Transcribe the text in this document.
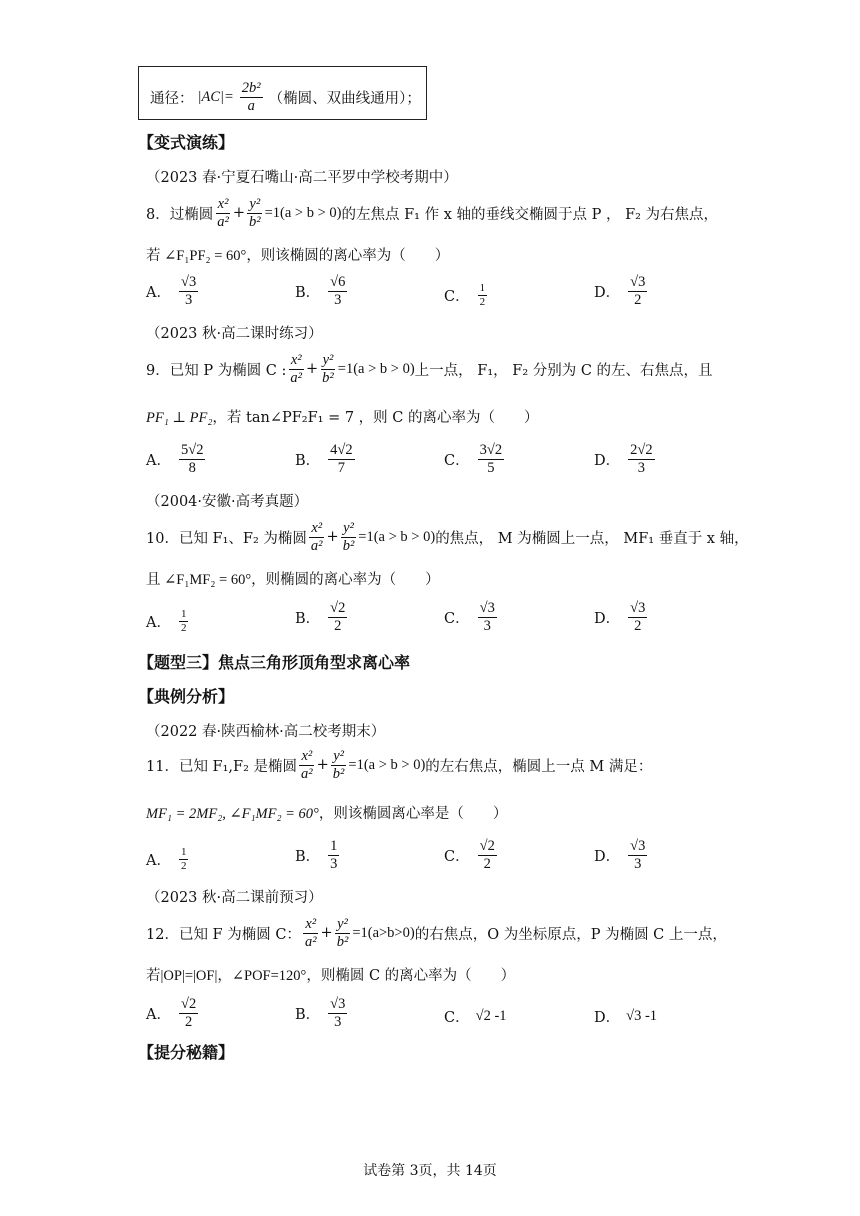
通径： $|AC|= \frac{\text{2b²}}{a}$ （椭圆、双曲线通用）；
【变式演练】
（2023 春·宁夏石嘴山·高二平罗中学校考期中）
8．过椭圆 $\frac{\text{x²}}{\text{a²}} + \frac{\text{y²}}{\text{b²}} =1(a > b > 0)$ 的左焦点 F₁ 作 x 轴的垂线交椭圆于点 P ， F₂ 为右焦点，
若 ∠F₁PF₂ = 60°，则该椭圆的离心率为（　　）
A． $\frac{√3}{3}$	B． $\frac{√6}{3}$	C． $\frac{1}{2}$	D． $\frac{√3}{2}$
（2023 秋·高二课时练习）
9．已知 P 为椭圆 C : $\frac{\text{x²}}{\text{a²}} + \frac{\text{y²}}{\text{b²}} =1(a > b > 0)$ 上一点， F₁， F₂ 分别为 C 的左、右焦点，且
PF₁ ⊥ PF₂，若 tan∠PF₂F₁ = 7 ，则 C 的离心率为（　　）
A． $\frac{5√2}{8}$	B． $\frac{4√2}{7}$	C． $\frac{3√2}{5}$	D． $\frac{2√2}{3}$
（2004·安徽·高考真题）
10．已知 F₁、F₂ 为椭圆 $\frac{\text{x²}}{\text{a²}} + \frac{\text{y²}}{\text{b²}} =1(a > b > 0)$ 的焦点， M 为椭圆上一点， MF₁ 垂直于 x 轴，
且 ∠F₁MF₂ = 60°，则椭圆的离心率为（　　）
A． $\frac{1}{2}$	B． $\frac{√2}{2}$	C． $\frac{√3}{3}$	D． $\frac{√3}{2}$
【题型三】焦点三角形顶角型求离心率
【典例分析】
（2022 春·陕西榆林·高二校考期末）
11．已知 F₁,F₂ 是椭圆 $\frac{\text{x²}}{\text{a²}} + \frac{\text{y²}}{\text{b²}} =1(a > b > 0)$ 的左右焦点，椭圆上一点 M 满足：
MF₁ = 2MF₂, ∠F₁MF₂ = 60°，则该椭圆离心率是（　　）
A． $\frac{1}{2}$	B． $\frac{1}{3}$	C． $\frac{√2}{2}$	D． $\frac{√3}{3}$
（2023 秋·高二课前预习）
12．已知 F 为椭圆 C： $\frac{\text{x²}}{\text{a²}} + \frac{\text{y²}}{\text{b²}} =1(a>b>0)$ 的右焦点，O 为坐标原点，P 为椭圆 C 上一点，
若|OP|=|OF|，∠POF=120°，则椭圆 C 的离心率为（　　）
A． $\frac{√2}{2}$	B． $\frac{√3}{3}$	C． √2 -1	D． √3 -1
【提分秘籍】
试卷第 3页，共 14页
